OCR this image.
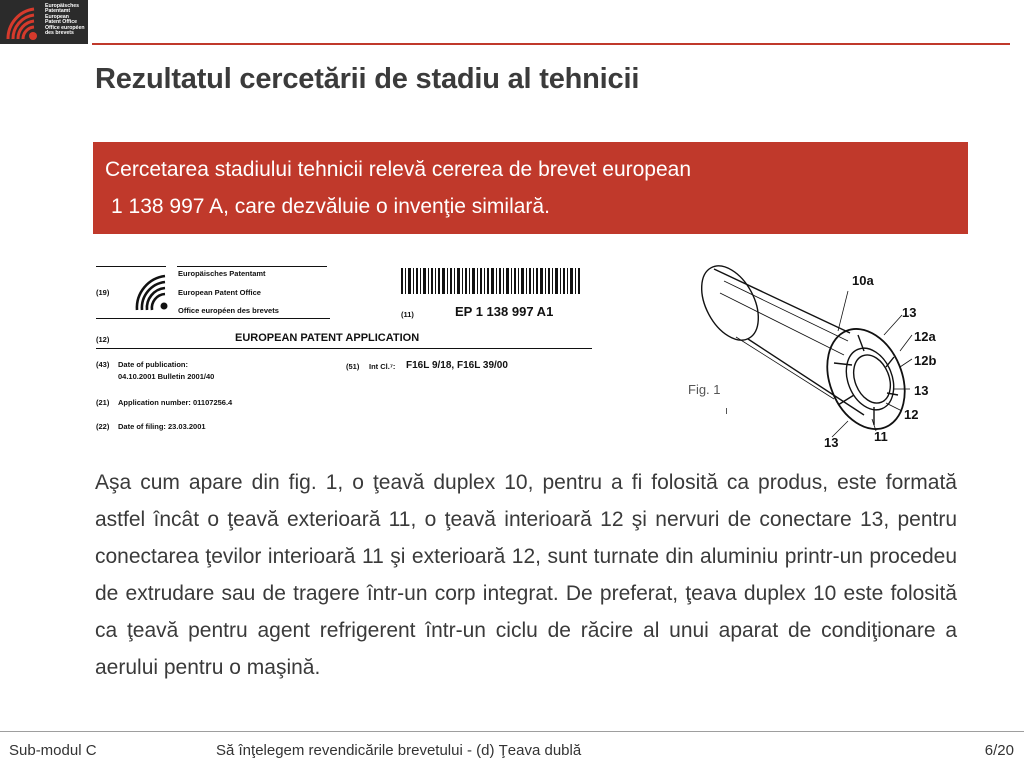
Europäisches
Patentamt
European
Patent Office
Office européen
des brevets
Rezultatul cercetării de stadiu al tehnicii
Cercetarea stadiului tehnicii relevă cererea de brevet european
1 138 997 A, care dezvăluie o invenţie similară.
Europäisches Patentamt
(19)	European Patent Office
Office européen des brevets	(11)	EP 1 138 997 A1
(12)	EUROPEAN PATENT APPLICATION
(43) Date of publication:
04.10.2001 Bulletin 2001/40
(51) Int Cl.⁷: F16L 9/18, F16L 39/00
(21) Application number: 01107256.4
(22) Date of filing: 23.03.2001
10a
13
12a
12b
13
12
11
13
Fig. 1

Aşa cum apare din fig. 1, o ţeavă duplex 10, pentru a fi folosită ca produs, este formată astfel încât o ţeavă exterioară 11, o ţeavă interioară 12 şi nervuri de conectare 13, pentru conectarea ţevilor interioară 11 şi exterioară 12, sunt turnate din aluminiu printr-un procedeu de extrudare sau de tragere într-un corp integrat. De preferat, ţeava duplex 10 este folosită ca ţeavă pentru agent refrigerent într-un ciclu de răcire al unui aparat de condiţionare a aerului pentru o maşină.

Sub-modul C	Să înţelegem revendicările brevetului - (d) Ţeava dublă	6/20
